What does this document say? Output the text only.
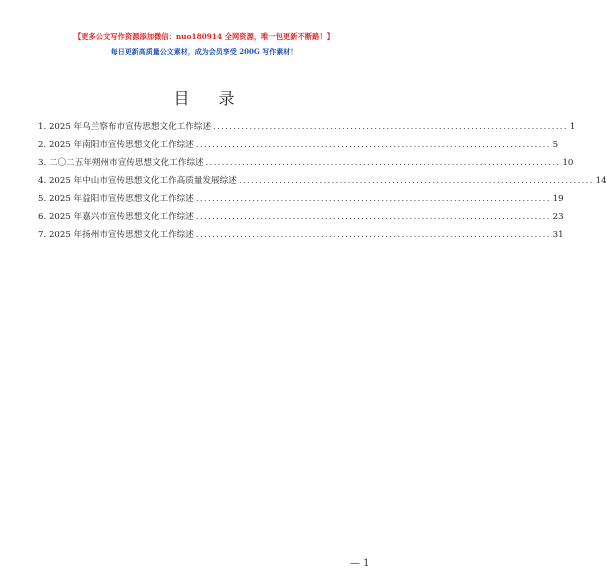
【更多公文写作资源添加微信：nuo180914 全网资源，唯一包更新不断路！】
每日更新高质量公文素材，成为会员享受 200G 写作素材！
目 录
1. 2025 年乌兰察布市宣传思想文化工作综述 ........................................................................................ 1
2. 2025 年南阳市宣传思想文化工作综述 ........................................................................................ 5
3. 二〇二五年朔州市宣传思想文化工作综述 ........................................................................................ 10
4. 2025 年中山市宣传思想文化工作高质量发展综述 ........................................................................................ 14
5. 2025 年益阳市宣传思想文化工作综述 ........................................................................................ 19
6. 2025 年嘉兴市宣传思想文化工作综述 ........................................................................................ 23
7. 2025 年扬州市宣传思想文化工作综述 ........................................................................................ 31
— 1
